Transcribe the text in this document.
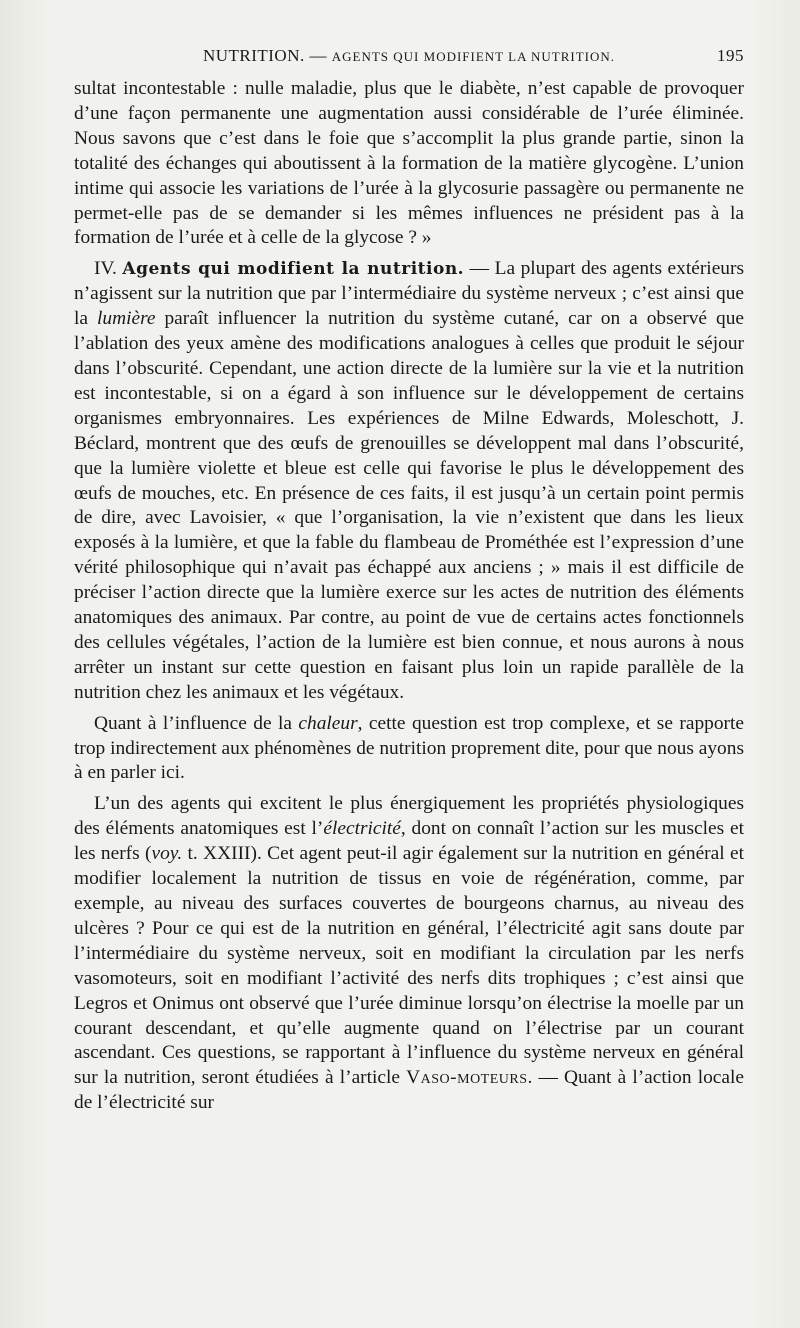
NUTRITION. — AGENTS QUI MODIFIENT LA NUTRITION.	195

sultat incontestable : nulle maladie, plus que le diabète, n’est capable de provoquer d’une façon permanente une augmentation aussi considérable de l’urée éliminée. Nous savons que c’est dans le foie que s’accomplit la plus grande partie, sinon la totalité des échanges qui aboutissent à la formation de la matière glycogène. L’union intime qui associe les variations de l’urée à la glycosurie passagère ou permanente ne permet-elle pas de se demander si les mêmes influences ne président pas à la formation de l’urée et à celle de la glycose ? »

IV. Agents qui modifient la nutrition. — La plupart des agents extérieurs n’agissent sur la nutrition que par l’intermédiaire du système nerveux ; c’est ainsi que la lumière paraît influencer la nutrition du système cutané, car on a observé que l’ablation des yeux amène des modifications analogues à celles que produit le séjour dans l’obscurité. Cependant, une action directe de la lumière sur la vie et la nutrition est incontestable, si on a égard à son influence sur le développement de certains organismes embryonnaires. Les expériences de Milne Edwards, Moleschott, J. Béclard, montrent que des œufs de grenouilles se développent mal dans l’obscurité, que la lumière violette et bleue est celle qui favorise le plus le développement des œufs de mouches, etc. En présence de ces faits, il est jusqu’à un certain point permis de dire, avec Lavoisier, « que l’organisation, la vie n’existent que dans les lieux exposés à la lumière, et que la fable du flambeau de Prométhée est l’expression d’une vérité philosophique qui n’avait pas échappé aux anciens ; » mais il est difficile de préciser l’action directe que la lumière exerce sur les actes de nutrition des éléments anatomiques des animaux. Par contre, au point de vue de certains actes fonctionnels des cellules végétales, l’action de la lumière est bien connue, et nous aurons à nous arrêter un instant sur cette question en faisant plus loin un rapide parallèle de la nutrition chez les animaux et les végétaux.

Quant à l’influence de la chaleur, cette question est trop complexe, et se rapporte trop indirectement aux phénomènes de nutrition proprement dite, pour que nous ayons à en parler ici.

L’un des agents qui excitent le plus énergiquement les propriétés physiologiques des éléments anatomiques est l’électricité, dont on connaît l’action sur les muscles et les nerfs (voy. t. XXIII). Cet agent peut-il agir également sur la nutrition en général et modifier localement la nutrition de tissus en voie de régénération, comme, par exemple, au niveau des surfaces couvertes de bourgeons charnus, au niveau des ulcères ? Pour ce qui est de la nutrition en général, l’électricité agit sans doute par l’intermédiaire du système nerveux, soit en modifiant la circulation par les nerfs vasomoteurs, soit en modifiant l’activité des nerfs dits trophiques ; c’est ainsi que Legros et Onimus ont observé que l’urée diminue lorsqu’on électrise la moelle par un courant descendant, et qu’elle augmente quand on l’électrise par un courant ascendant. Ces questions, se rapportant à l’influence du système nerveux en général sur la nutrition, seront étudiées à l’article Vaso-moteurs. — Quant à l’action locale de l’électricité sur
